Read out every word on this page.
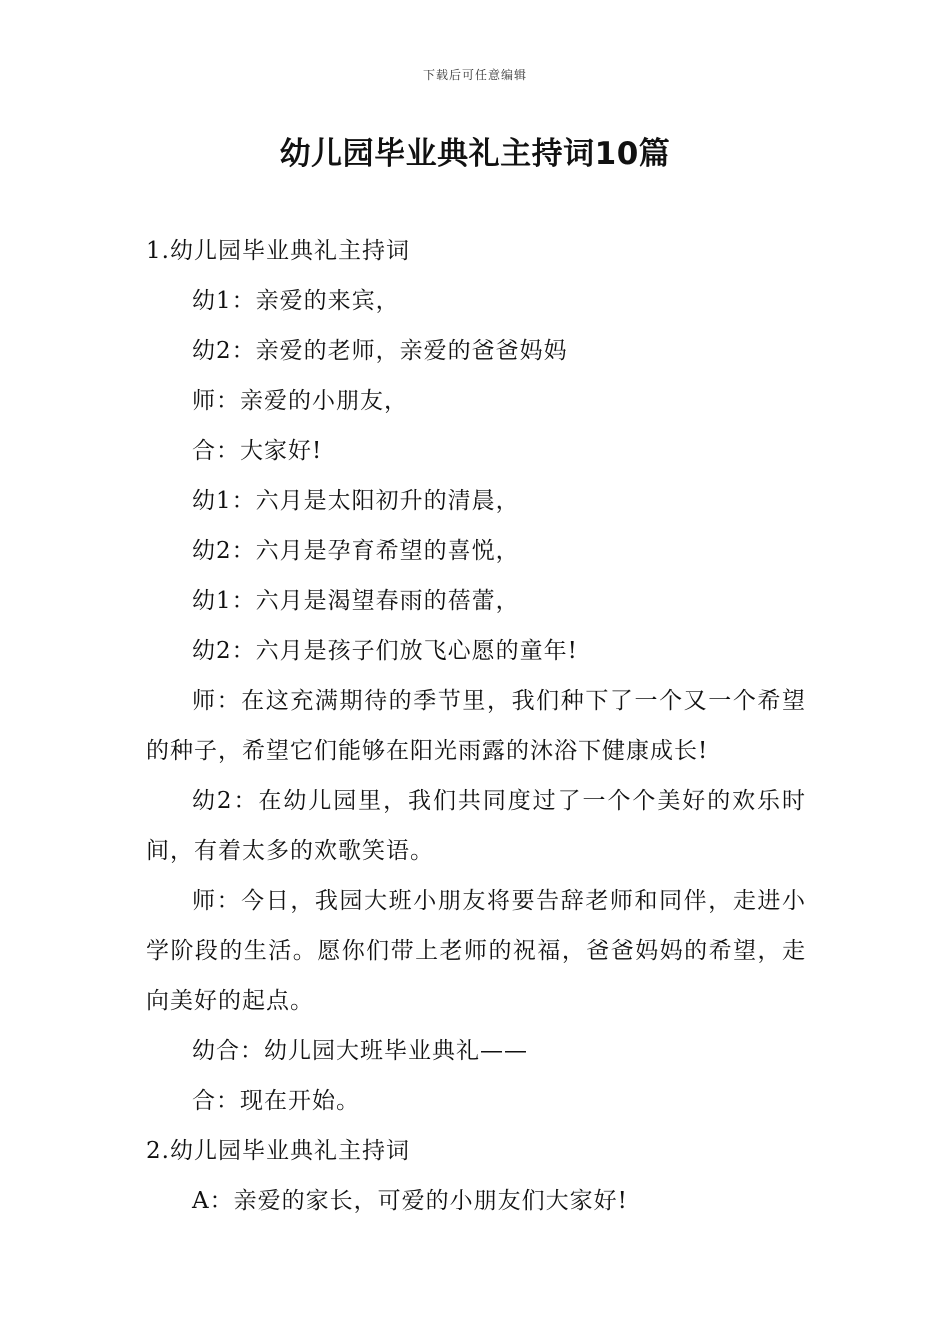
下载后可任意编辑
幼儿园毕业典礼主持词10篇

1.幼儿园毕业典礼主持词

幼1：亲爱的来宾，

幼2：亲爱的老师，亲爱的爸爸妈妈

师：亲爱的小朋友，

合：大家好!

幼1：六月是太阳初升的清晨，

幼2：六月是孕育希望的喜悦，

幼1：六月是渴望春雨的蓓蕾，

幼2：六月是孩子们放飞心愿的童年!

师：在这充满期待的季节里，我们种下了一个又一个希望的种子，希望它们能够在阳光雨露的沐浴下健康成长!

幼2：在幼儿园里，我们共同度过了一个个美好的欢乐时间，有着太多的欢歌笑语。

师：今日，我园大班小朋友将要告辞老师和同伴，走进小学阶段的生活。愿你们带上老师的祝福，爸爸妈妈的希望，走向美好的起点。

幼合：幼儿园大班毕业典礼——

合：现在开始。

2.幼儿园毕业典礼主持词

A：亲爱的家长，可爱的小朋友们大家好!
